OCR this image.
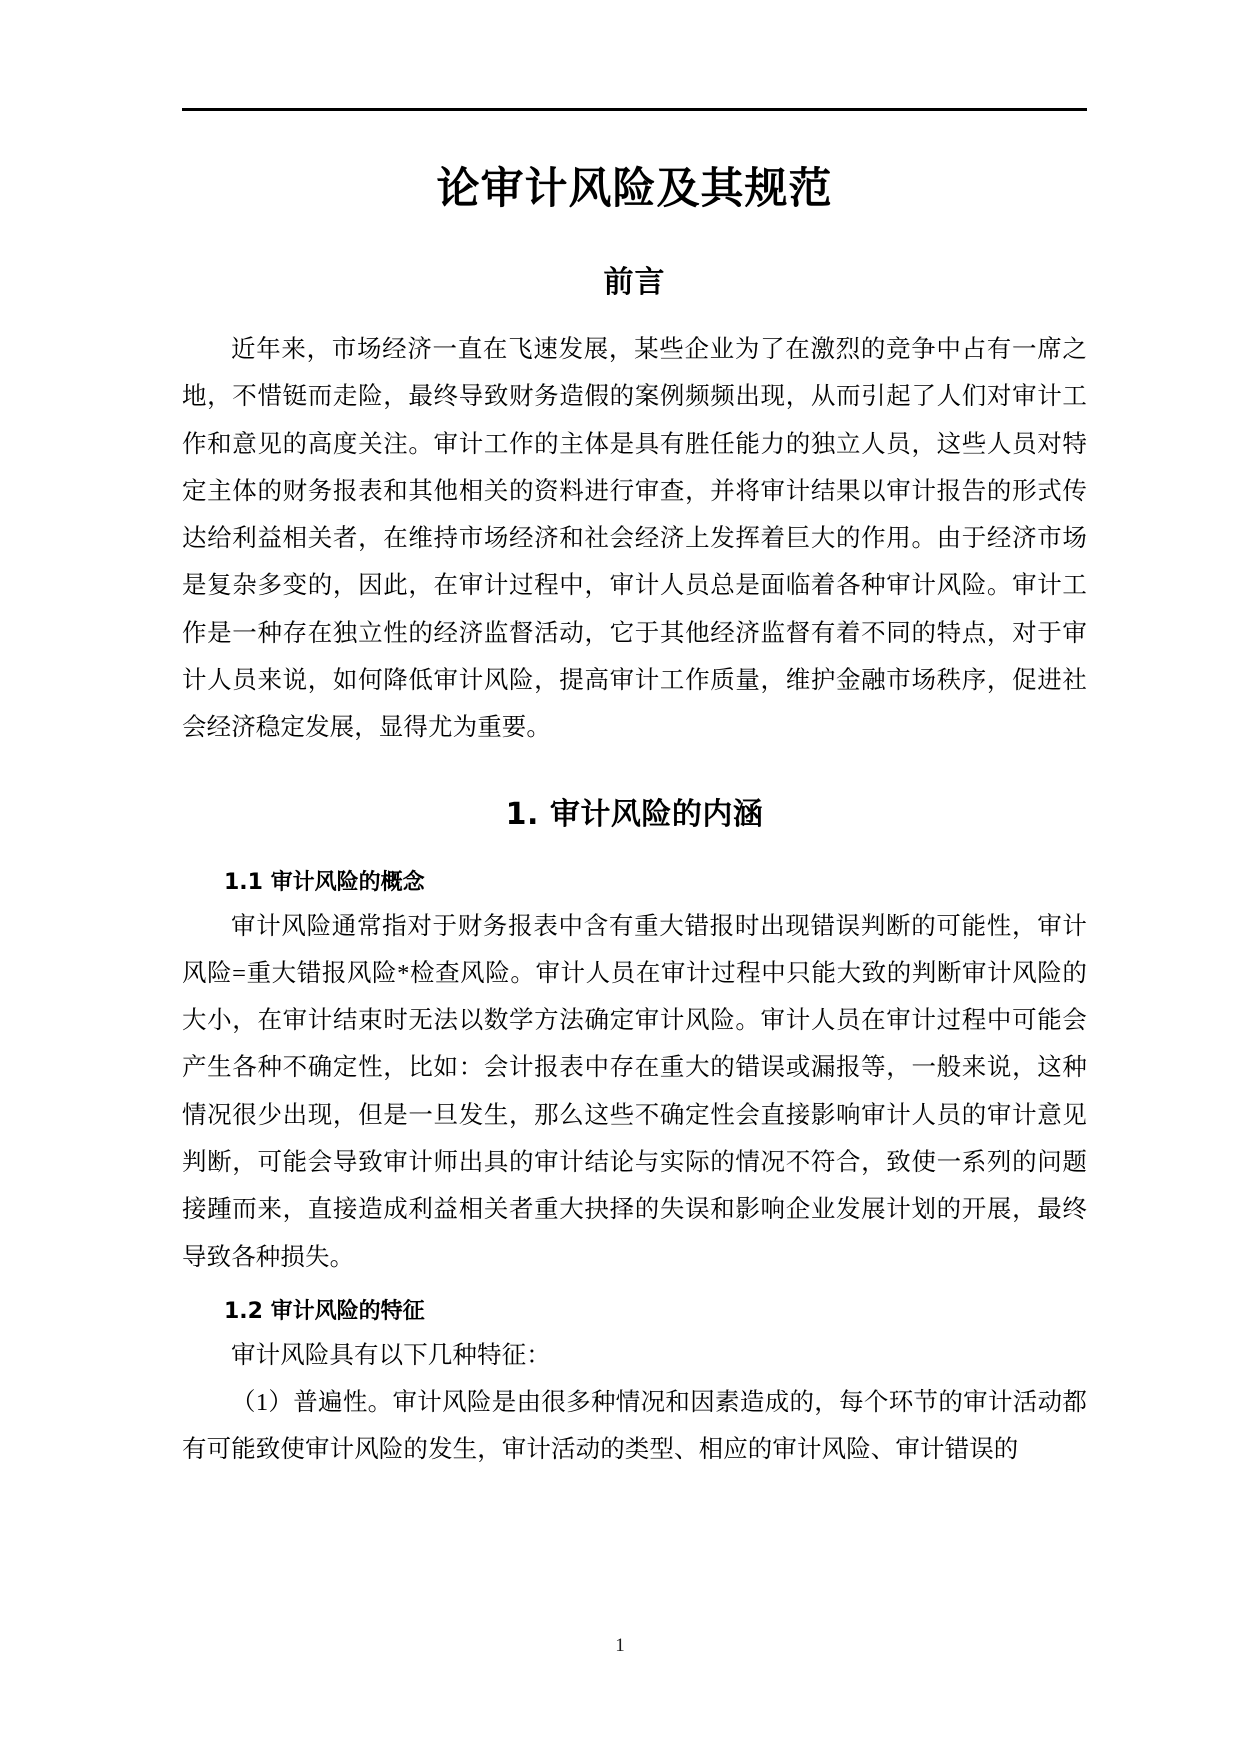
论审计风险及其规范
前言

近年来，市场经济一直在飞速发展，某些企业为了在激烈的竞争中占有一席之地，不惜铤而走险，最终导致财务造假的案例频频出现，从而引起了人们对审计工作和意见的高度关注。审计工作的主体是具有胜任能力的独立人员，这些人员对特定主体的财务报表和其他相关的资料进行审查，并将审计结果以审计报告的形式传达给利益相关者，在维持市场经济和社会经济上发挥着巨大的作用。由于经济市场是复杂多变的，因此，在审计过程中，审计人员总是面临着各种审计风险。审计工作是一种存在独立性的经济监督活动，它于其他经济监督有着不同的特点，对于审计人员来说，如何降低审计风险，提高审计工作质量，维护金融市场秩序，促进社会经济稳定发展，显得尤为重要。

1. 审计风险的内涵
1.1 审计风险的概念

审计风险通常指对于财务报表中含有重大错报时出现错误判断的可能性，审计风险=重大错报风险*检查风险。审计人员在审计过程中只能大致的判断审计风险的大小，在审计结束时无法以数学方法确定审计风险。审计人员在审计过程中可能会产生各种不确定性，比如：会计报表中存在重大的错误或漏报等，一般来说，这种情况很少出现，但是一旦发生，那么这些不确定性会直接影响审计人员的审计意见判断，可能会导致审计师出具的审计结论与实际的情况不符合，致使一系列的问题接踵而来，直接造成利益相关者重大抉择的失误和影响企业发展计划的开展，最终导致各种损失。

1.2 审计风险的特征

审计风险具有以下几种特征：

（1）普遍性。审计风险是由很多种情况和因素造成的，每个环节的审计活动都有可能致使审计风险的发生，审计活动的类型、相应的审计风险、审计错误的

1
